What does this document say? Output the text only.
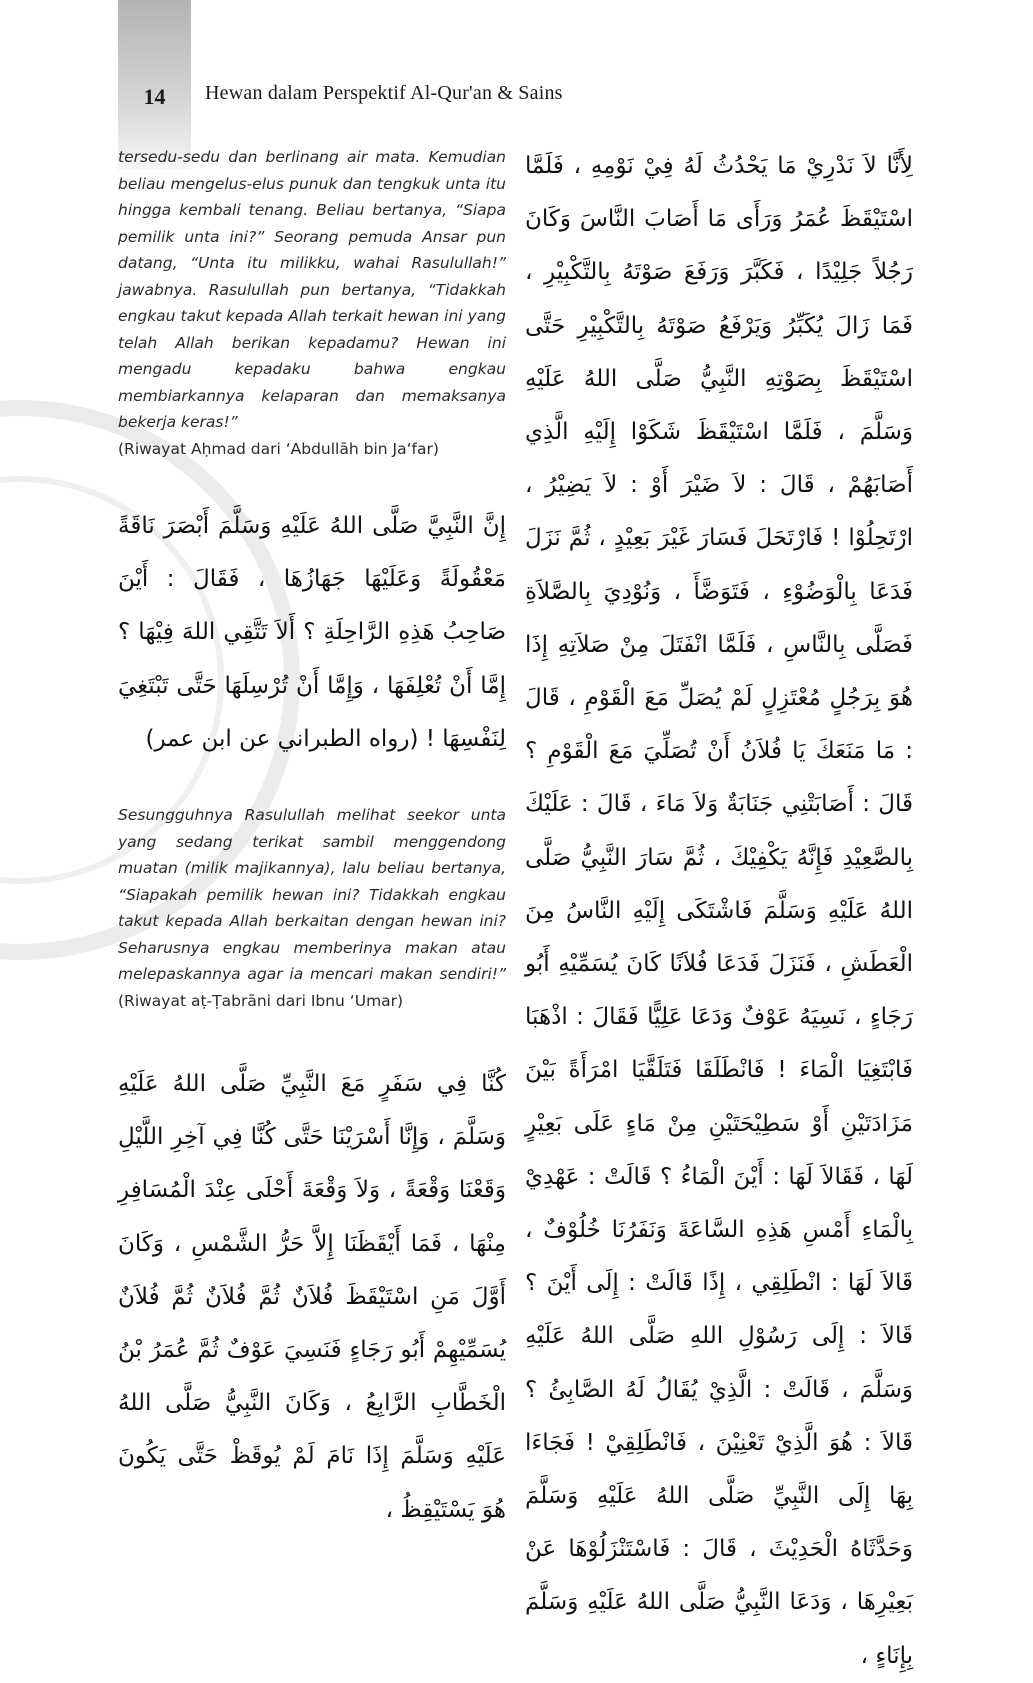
14	Hewan dalam Perspektif Al-Qur'an & Sains

tersedu-sedu dan berlinang air mata. Kemudian beliau mengelus-elus punuk dan tengkuk unta itu hingga kembali tenang. Beliau bertanya, “Siapa pemilik unta ini?” Seorang pemuda Ansar pun datang, “Unta itu milikku, wahai Rasulullah!” jawabnya. Rasulullah pun bertanya, “Tidakkah engkau takut kepada Allah terkait hewan ini yang telah Allah berikan kepadamu? Hewan ini mengadu kepadaku bahwa engkau membiarkannya kelaparan dan memaksanya bekerja keras!”

(Riwayat Aḥmad dari ‘Abdullāh bin Ja‘far)

إِنَّ النَّبِيَّ صَلَّى اللهُ عَلَيْهِ وَسَلَّمَ أَبْصَرَ نَاقَةً مَعْقُولَةً وَعَلَيْهَا جَهَازُهَا ، فَقَالَ : أَيْنَ صَاحِبُ هَذِهِ الرَّاحِلَةِ ؟ أَلاَ تَتَّقِي اللهَ فِيْهَا ؟ إِمَّا أَنْ تُعْلِفَهَا ، وَإِمَّا أَنْ تُرْسِلَهَا حَتَّى تَبْتَغِيَ لِنَفْسِهَا ! (رواه الطبراني عن ابن عمر)

Sesungguhnya Rasulullah melihat seekor unta yang sedang terikat sambil menggendong muatan (milik majikannya), lalu beliau bertanya, “Siapakah pemilik hewan ini? Tidakkah engkau takut kepada Allah berkaitan dengan hewan ini? Seharusnya engkau memberinya makan atau melepaskannya agar ia mencari makan sendiri!” (Riwayat aṭ-Ṭabrāni dari Ibnu ‘Umar)

كُنَّا فِي سَفَرٍ مَعَ النَّبِيِّ صَلَّى اللهُ عَلَيْهِ وَسَلَّمَ ، وَإِنَّا أَسْرَيْنَا حَتَّى كُنَّا فِي آخِرِ اللَّيْلِ وَقَعْنَا وَقْعَةً ، وَلاَ وَقْعَةَ أَحْلَى عِنْدَ الْمُسَافِرِ مِنْهَا ، فَمَا أَيْقَظَنَا إِلاَّ حَرُّ الشَّمْسِ ، وَكَانَ أَوَّلَ مَنِ اسْتَيْقَظَ فُلاَنٌ ثُمَّ فُلاَنٌ ثُمَّ فُلاَنٌ يُسَمِّيْهِمْ أَبُو رَجَاءٍ فَنَسِيَ عَوْفٌ ثُمَّ عُمَرُ بْنُ الْخَطَّابِ الرَّابِعُ ، وَكَانَ النَّبِيُّ صَلَّى اللهُ عَلَيْهِ وَسَلَّمَ إِذَا نَامَ لَمْ يُوقَظْ حَتَّى يَكُونَ هُوَ يَسْتَيْقِظُ ،

لِأَنَّا لاَ نَدْرِيْ مَا يَحْدُثُ لَهُ فِيْ نَوْمِهِ ، فَلَمَّا اسْتَيْقَظَ عُمَرُ وَرَأَى مَا أَصَابَ النَّاسَ وَكَانَ رَجُلاً جَلِيْدًا ، فَكَبَّرَ وَرَفَعَ صَوْتَهُ بِالتَّكْبِيْرِ ، فَمَا زَالَ يُكَبِّرُ وَيَرْفَعُ صَوْتَهُ بِالتَّكْبِيْرِ حَتَّى اسْتَيْقَظَ بِصَوْتِهِ النَّبِيُّ صَلَّى اللهُ عَلَيْهِ وَسَلَّمَ ، فَلَمَّا اسْتَيْقَظَ شَكَوْا إِلَيْهِ الَّذِي أَصَابَهُمْ ، قَالَ : لاَ ضَيْرَ أَوْ : لاَ يَضِيْرُ ، ارْتَحِلُوْا ! فَارْتَحَلَ فَسَارَ غَيْرَ بَعِيْدٍ ، ثُمَّ نَزَلَ فَدَعَا بِالْوَضُوْءِ ، فَتَوَضَّأَ ، وَنُوْدِيَ بِالصَّلاَةِ فَصَلَّى بِالنَّاسِ ، فَلَمَّا انْفَتَلَ مِنْ صَلاَتِهِ إِذَا هُوَ بِرَجُلٍ مُعْتَزِلٍ لَمْ يُصَلِّ مَعَ الْقَوْمِ ، قَالَ : مَا مَنَعَكَ يَا فُلاَنُ أَنْ تُصَلِّيَ مَعَ الْقَوْمِ ؟ قَالَ : أَصَابَتْنِي جَنَابَةٌ وَلاَ مَاءَ ، قَالَ : عَلَيْكَ بِالصَّعِيْدِ فَإِنَّهُ يَكْفِيْكَ ، ثُمَّ سَارَ النَّبِيُّ صَلَّى اللهُ عَلَيْهِ وَسَلَّمَ فَاشْتَكَى إِلَيْهِ النَّاسُ مِنَ الْعَطَشِ ، فَنَزَلَ فَدَعَا فُلاَنًا كَانَ يُسَمِّيْهِ أَبُو رَجَاءٍ ، نَسِيَهُ عَوْفٌ وَدَعَا عَلِيًّا فَقَالَ : اذْهَبَا فَابْتَغِيَا الْمَاءَ ! فَانْطَلَقَا فَتَلَقَّيَا امْرَأَةً بَيْنَ مَزَادَتَيْنِ أَوْ سَطِيْحَتَيْنِ مِنْ مَاءٍ عَلَى بَعِيْرٍ لَهَا ، فَقَالاَ لَهَا : أَيْنَ الْمَاءُ ؟ قَالَتْ : عَهْدِيْ بِالْمَاءِ أَمْسِ هَذِهِ السَّاعَةَ وَنَفَرُنَا خُلُوْفٌ ، قَالاَ لَهَا : انْطَلِقِي ، إِذًا قَالَتْ : إِلَى أَيْنَ ؟ قَالاَ : إِلَى رَسُوْلِ اللهِ صَلَّى اللهُ عَلَيْهِ وَسَلَّمَ ، قَالَتْ : الَّذِيْ يُقَالُ لَهُ الصَّابِئُ ؟ قَالاَ : هُوَ الَّذِيْ تَعْنِيْنَ ، فَانْطَلِقِيْ ! فَجَاءَا بِهَا إِلَى النَّبِيِّ صَلَّى اللهُ عَلَيْهِ وَسَلَّمَ وَحَدَّثَاهُ الْحَدِيْثَ ، قَالَ : فَاسْتَنْزَلُوْهَا عَنْ بَعِيْرِهَا ، وَدَعَا النَّبِيُّ صَلَّى اللهُ عَلَيْهِ وَسَلَّمَ بِإِنَاءٍ ،
